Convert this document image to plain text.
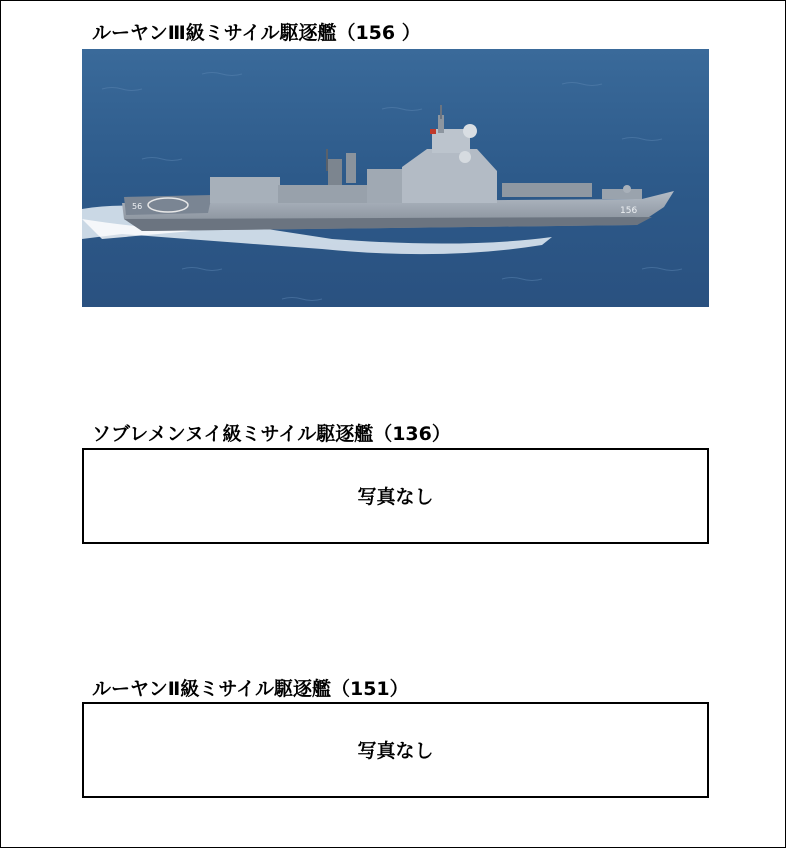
ルーヤンⅢ級ミサイル駆逐艦（156 ）
156
56
ソブレメンヌイ級ミサイル駆逐艦（136）
写真なし
ルーヤンⅡ級ミサイル駆逐艦（151）
写真なし
